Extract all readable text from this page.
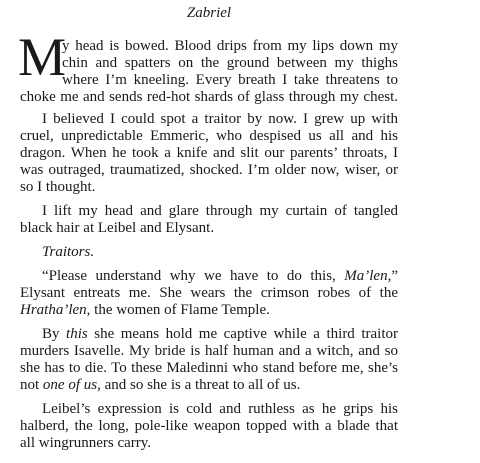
Zabriel
M
y head is bowed. Blood drips from my lips down my
chin and spatters on the ground between my thighs
where I’m kneeling. Every breath I take threatens to
choke me and sends red-hot shards of glass through my chest.
I believed I could spot a traitor by now. I grew up with
cruel, unpredictable Emmeric, who despised us all and his
dragon. When he took a knife and slit our parents’ throats, I
was outraged, traumatized, shocked. I’m older now, wiser, or
so I thought.
I lift my head and glare through my curtain of tangled
black hair at Leibel and Elysant.
Traitors.
“Please understand why we have to do this, Ma’len,”
Elysant entreats me. She wears the crimson robes of the
Hratha’len, the women of Flame Temple.
By this she means hold me captive while a third traitor
murders Isavelle. My bride is half human and a witch, and so
she has to die. To these Maledinni who stand before me, she’s
not one of us, and so she is a threat to all of us.
Leibel’s expression is cold and ruthless as he grips his
halberd, the long, pole-like weapon topped with a blade that
all wingrunners carry.
